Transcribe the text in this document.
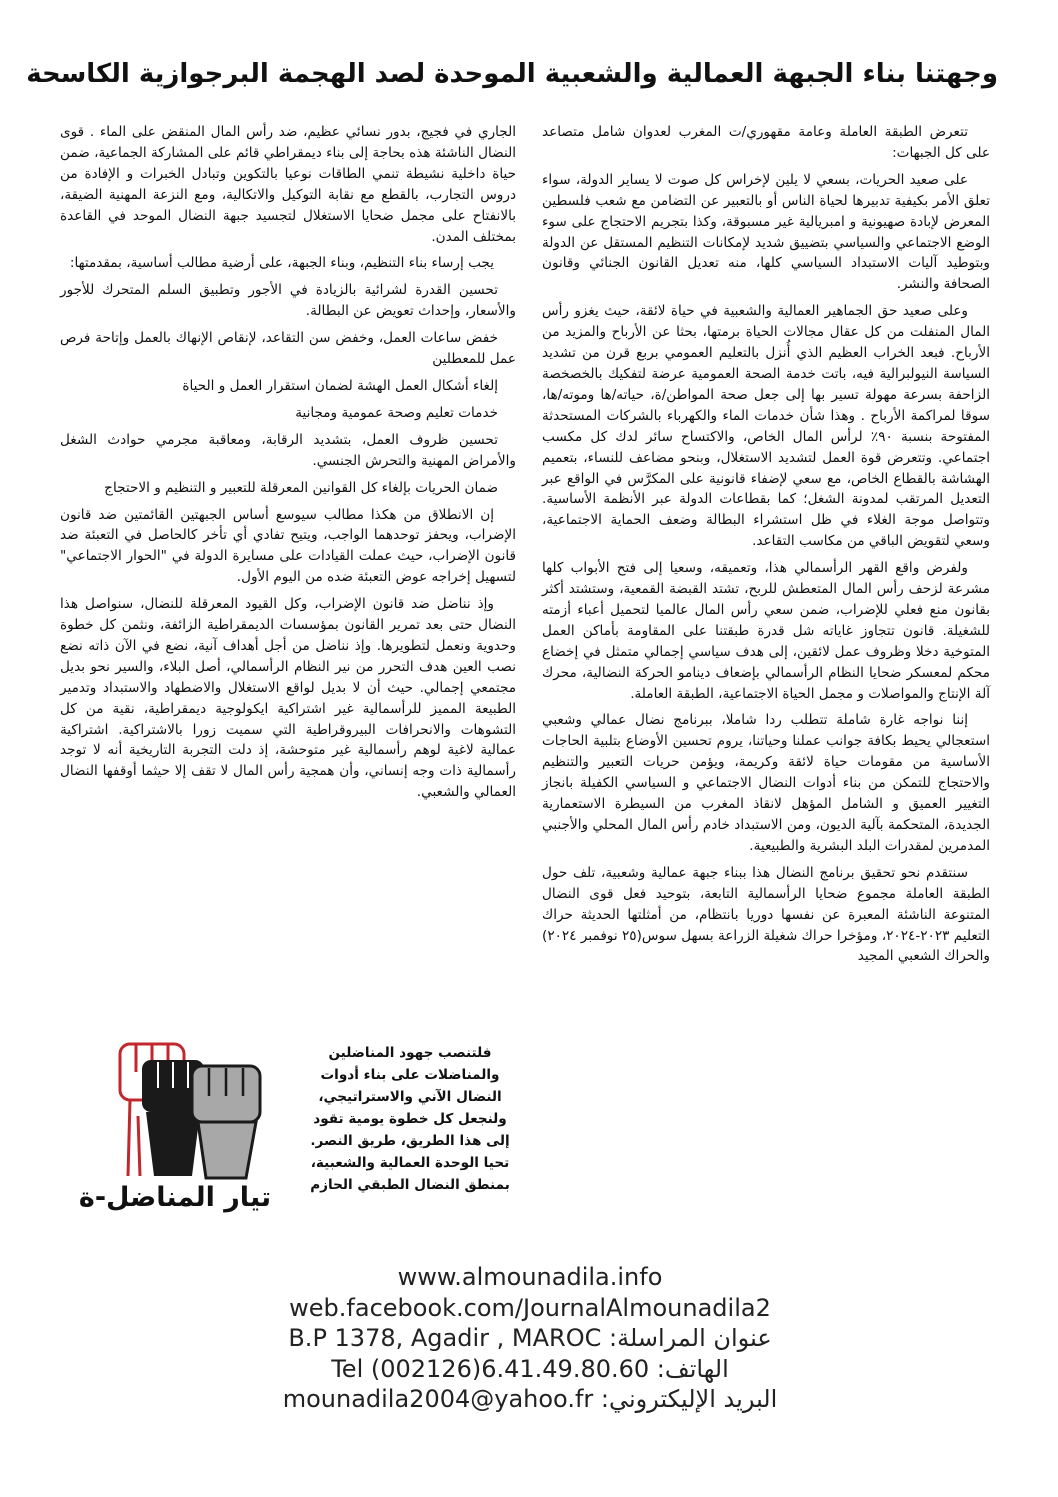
وجهتنا بناء الجبهة العمالية والشعبية الموحدة لصد الهجمة البرجوازية الكاسحة

تتعرض الطبقة العاملة وعامة مقهوري/ت المغرب لعدوان شامل متصاعد على كل الجبهات:

على صعيد الحريات، بسعي لا يلين لإخراس كل صوت لا يساير الدولة، سواء تعلق الأمر بكيفية تدبيرها لحياة الناس أو بالتعبير عن التضامن مع شعب فلسطين المعرض لإبادة صهيونية و امبريالية غير مسبوقة، وكذا بتجريم الاحتجاج على سوء الوضع الاجتماعي والسياسي بتضييق شديد لإمكانات التنظيم المستقل عن الدولة وبتوطيد آليات الاستبداد السياسي كلها، منه تعديل القانون الجنائي وقانون الصحافة والنشر.

وعلى صعيد حق الجماهير العمالية والشعبية في حياة لائقة، حيث يغزو رأس المال المنفلت من كل عقال مجالات الحياة برمتها، بحثا عن الأرباح والمزيد من الأرباح. فبعد الخراب العظيم الذي أُنزل بالتعليم العمومي بربع قرن من تشديد السياسة النيولبرالية فيه، باتت خدمة الصحة العمومية عرضة لتفكيك بالخصخصة الزاحفة بسرعة مهولة تسير بها إلى جعل صحة المواطن/ة، حياته/ها وموته/ها، سوقا لمراكمة الأرباح . وهذا شأن خدمات الماء والكهرباء بالشركات المستحدثة المفتوحة بنسبة ٩٠٪ لرأس المال الخاص، والاكتساح سائر لدك كل مكسب اجتماعي. وتتعرض قوة العمل لتشديد الاستغلال، وبنحو مضاعف للنساء، بتعميم الهشاشة بالقطاع الخاص، مع سعي لإضفاء قانونية على المكرَّس في الواقع عبر التعديل المرتقب لمدونة الشغل؛ كما بقطاعات الدولة عبر الأنظمة الأساسية. وتتواصل موجة الغلاء في ظل استشراء البطالة وضعف الحماية الاجتماعية، وسعي لتقويض الباقي من مكاسب التقاعد.

ولفرض واقع القهر الرأسمالي هذا، وتعميقه، وسعيا إلى فتح الأبواب كلها مشرعة لزحف رأس المال المتعطش للربح، تشتد القبضة القمعية، وستشتد أكثر بقانون منع فعلي للإضراب، ضمن سعي رأس المال عالميا لتحميل أعباء أزمته للشغيلة. قانون تتجاوز غاياته شل قدرة طبقتنا على المقاومة بأماكن العمل المتوخية دخلا وظروف عمل لائقين، إلى هدف سياسي إجمالي متمثل في إخضاع محكم لمعسكر ضحايا النظام الرأسمالي بإضعاف دينامو الحركة النضالية، محرك آلة الإنتاج والمواصلات و مجمل الحياة الاجتماعية، الطبقة العاملة.

إننا نواجه غارة شاملة تتطلب ردا شاملا، ببرنامج نضال عمالي وشعبي استعجالي يحيط بكافة جوانب عملنا وحياتنا، يروم تحسين الأوضاع بتلبية الحاجات الأساسية من مقومات حياة لائقة وكريمة، ويؤمن حريات التعبير والتنظيم والاحتجاج للتمكن من بناء أدوات النضال الاجتماعي و السياسي الكفيلة بانجاز التغيير العميق و الشامل المؤهل لانقاذ المغرب من السيطرة الاستعمارية الجديدة، المتحكمة بآلية الديون، ومن الاستبداد خادم رأس المال المحلي والأجنبي المدمرين لمقدرات البلد البشرية والطبيعية.

سنتقدم نحو تحقيق برنامج النضال هذا ببناء جبهة عمالية وشعبية، تلف حول الطبقة العاملة مجموع ضحايا الرأسمالية التابعة، بتوحيد فعل قوى النضال المتنوعة الناشئة المعبرة عن نفسها دوريا بانتظام، من أمثلتها الحديثة حراك التعليم ٢٠٢٣-٢٠٢٤، ومؤخرا حراك شغيلة الزراعة بسهل سوس(٢٥ نوفمبر ٢٠٢٤) والحراك الشعبي المجيد

الجاري في فجيج، بدور نسائي عظيم، ضد رأس المال المنقض على الماء . قوى النضال الناشئة هذه بحاجة إلى بناء ديمقراطي قائم على المشاركة الجماعية، ضمن حياة داخلية نشيطة تنمي الطاقات نوعيا بالتكوين وتبادل الخبرات و الإفادة من دروس التجارب، بالقطع مع نقابة التوكيل والاتكالية، ومع النزعة المهنية الضيقة، بالانفتاح على مجمل ضحايا الاستغلال لتجسيد جبهة النضال الموحد في القاعدة بمختلف المدن.

يجب إرساء بناء التنظيم، وبناء الجبهة، على أرضية مطالب أساسية، بمقدمتها:

تحسين القدرة لشرائية بالزيادة في الأجور وتطبيق السلم المتحرك للأجور والأسعار، وإحداث تعويض عن البطالة.

خفض ساعات العمل، وخفض سن التقاعد، لإنقاص الإنهاك بالعمل وإتاحة فرص عمل للمعطلين

إلغاء أشكال العمل الهشة لضمان استقرار العمل و الحياة

خدمات تعليم وصحة عمومية ومجانية

تحسين ظروف العمل، بتشديد الرقابة، ومعاقبة مجرمي حوادث الشغل والأمراض المهنية والتحرش الجنسي.

ضمان الحريات بإلغاء كل القوانين المعرقلة للتعبير و التنظيم و الاحتجاج

إن الانطلاق من هكذا مطالب سيوسع أساس الجبهتين القائمتين ضد قانون الإضراب، ويحفز توحدهما الواجب، ويتيح تفادي أي تأخر كالحاصل في التعبئة ضد قانون الإضراب، حيث عملت القيادات على مسايرة الدولة في "الحوار الاجتماعي" لتسهيل إخراجه عوض التعبئة ضده من اليوم الأول.

وإذ نناضل ضد قانون الإضراب، وكل القيود المعرقلة للنضال، سنواصل هذا النضال حتى بعد تمرير القانون بمؤسسات الديمقراطية الزائفة، ونثمن كل خطوة وحدوية ونعمل لتطويرها. وإذ نناضل من أجل أهداف آنية، نضع في الآن ذاته نضع نصب العين هدف التحرر من نير النظام الرأسمالي، أصل البلاء، والسير نحو بديل مجتمعي إجمالي. حيث أن لا بديل لواقع الاستغلال والاضطهاد والاستبداد وتدمير الطبيعة المميز للرأسمالية غير اشتراكية ايكولوجية ديمقراطية، نقية من كل التشوهات والانحرافات البيروقراطية التي سميت زورا بالاشتراكية. اشتراكية عمالية لاغية لوهم رأسمالية غير متوحشة، إذ دلت التجربة التاريخية أنه لا توجد رأسمالية ذات وجه إنساني، وأن همجية رأس المال لا تقف إلا حيثما أوقفها النضال العمالي والشعبي.

تيار المناضل-ة
فلتنصب جهود المناضلين
والمناضلات على بناء أدوات
النضال الآني والاستراتيجي،
ولنجعل كل خطوة يومية تقود
إلى هذا الطريق، طريق النصر.
تحيا الوحدة العمالية والشعبية،
بمنطق النضال الطبقي الحازم
www.almounadila.info
web.facebook.com/JournalAlmounadila2
B.P 1378, Agadir , MAROC عنوان المراسلة:
Tel (002126)6.41.49.80.60 الهاتف:
mounadila2004@yahoo.fr البريد الإليكتروني:
